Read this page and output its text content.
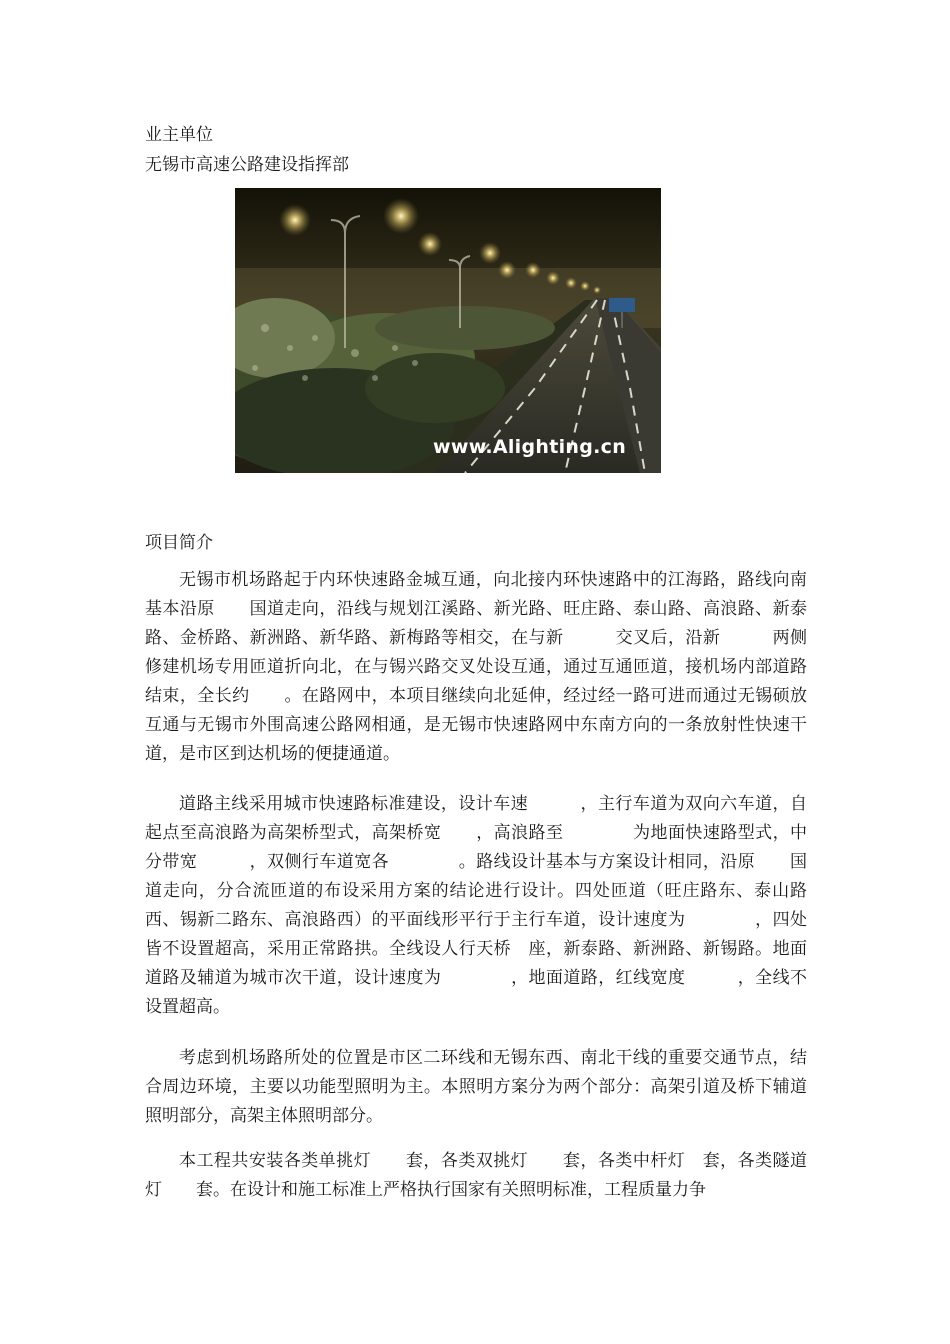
业主单位
无锡市高速公路建设指挥部
www.Alighting.cn
项目简介

无锡市机场路起于内环快速路金城互通，向北接内环快速路中的江海路，路线向南基本沿原　　国道走向，沿线与规划江溪路、新光路、旺庄路、泰山路、高浪路、新泰路、金桥路、新洲路、新华路、新梅路等相交，在与新　　　交叉后，沿新　　　两侧修建机场专用匝道折向北，在与锡兴路交叉处设互通，通过互通匝道，接机场内部道路结束，全长约　　。在路网中，本项目继续向北延伸，经过经一路可进而通过无锡硕放互通与无锡市外围高速公路网相通，是无锡市快速路网中东南方向的一条放射性快速干道，是市区到达机场的便捷通道。

道路主线采用城市快速路标准建设，设计车速　　　，主行车道为双向六车道，自起点至高浪路为高架桥型式，高架桥宽　　，高浪路至　　　　为地面快速路型式，中分带宽　　　，双侧行车道宽各　　　　。路线设计基本与方案设计相同，沿原　　国道走向，分合流匝道的布设采用方案的结论进行设计。四处匝道（旺庄路东、泰山路西、锡新二路东、高浪路西）的平面线形平行于主行车道，设计速度为　　　　，四处皆不设置超高，采用正常路拱。全线设人行天桥　座，新泰路、新洲路、新锡路。地面道路及辅道为城市次干道，设计速度为　　　　，地面道路，红线宽度　　　，全线不设置超高。

考虑到机场路所处的位置是市区二环线和无锡东西、南北干线的重要交通节点，结合周边环境，主要以功能型照明为主。本照明方案分为两个部分：高架引道及桥下辅道照明部分，高架主体照明部分。

本工程共安装各类单挑灯　　套，各类双挑灯　　套，各类中杆灯　套，各类隧道灯　　套。在设计和施工标准上严格执行国家有关照明标准，工程质量力争
